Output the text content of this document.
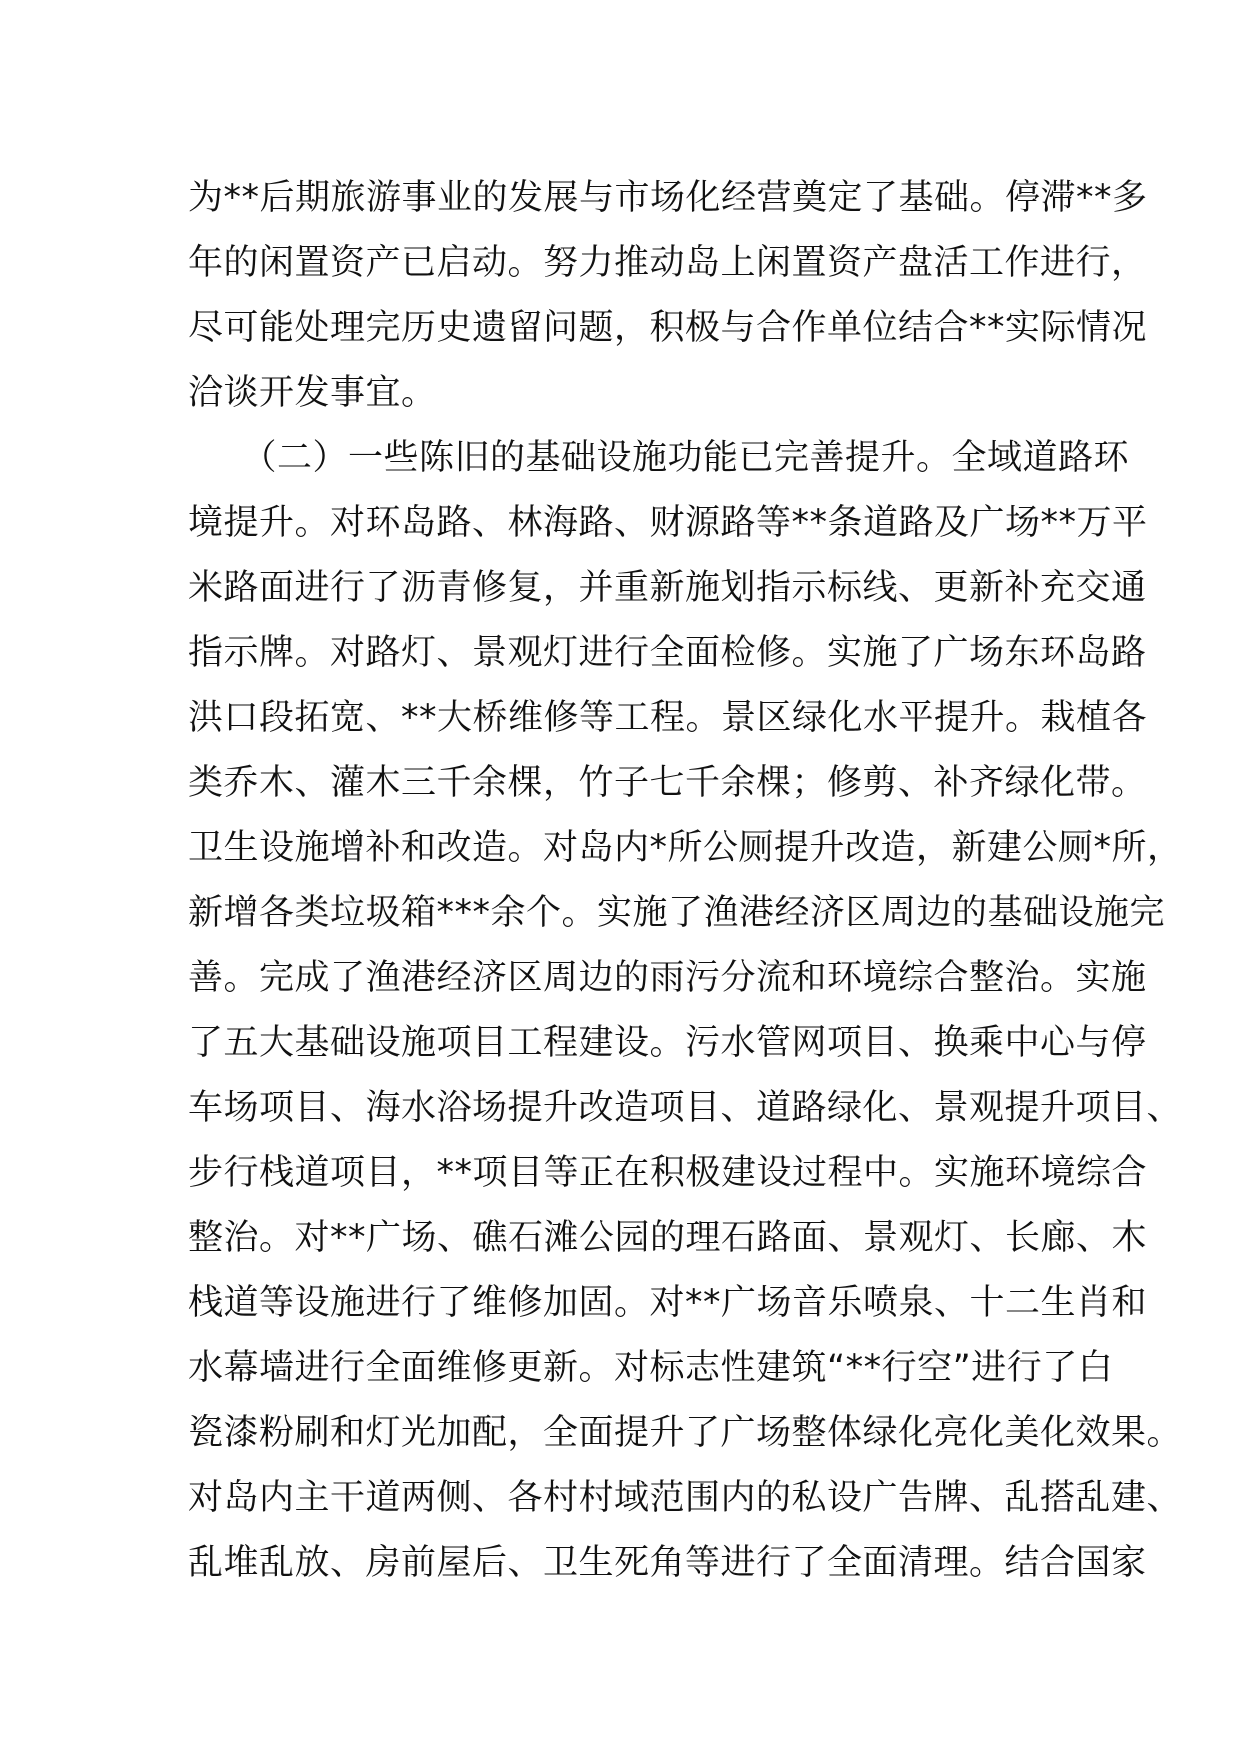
为**后期旅游事业的发展与市场化经营奠定了基础。停滞**多
年的闲置资产已启动。努力推动岛上闲置资产盘活工作进行，
尽可能处理完历史遗留问题，积极与合作单位结合**实际情况
洽谈开发事宜。
　　（二）一些陈旧的基础设施功能已完善提升。全域道路环
境提升。对环岛路、林海路、财源路等**条道路及广场**万平
米路面进行了沥青修复，并重新施划指示标线、更新补充交通
指示牌。对路灯、景观灯进行全面检修。实施了广场东环岛路
洪口段拓宽、**大桥维修等工程。景区绿化水平提升。栽植各
类乔木、灌木三千余棵，竹子七千余棵；修剪、补齐绿化带。
卫生设施增补和改造。对岛内*所公厕提升改造，新建公厕*所，
新增各类垃圾箱***余个。实施了渔港经济区周边的基础设施完
善。完成了渔港经济区周边的雨污分流和环境综合整治。实施
了五大基础设施项目工程建设。污水管网项目、换乘中心与停
车场项目、海水浴场提升改造项目、道路绿化、景观提升项目、
步行栈道项目，**项目等正在积极建设过程中。实施环境综合
整治。对**广场、礁石滩公园的理石路面、景观灯、长廊、木
栈道等设施进行了维修加固。对**广场音乐喷泉、十二生肖和
水幕墙进行全面维修更新。对标志性建筑“**行空”进行了白
瓷漆粉刷和灯光加配，全面提升了广场整体绿化亮化美化效果。
对岛内主干道两侧、各村村域范围内的私设广告牌、乱搭乱建、
乱堆乱放、房前屋后、卫生死角等进行了全面清理。结合国家
